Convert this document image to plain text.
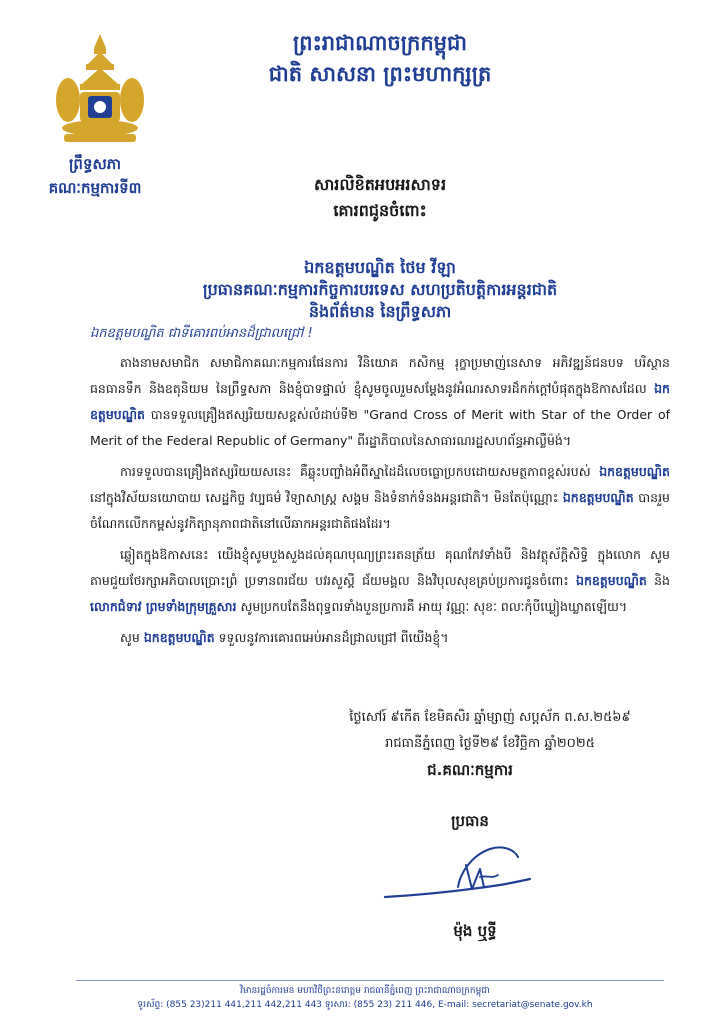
ព្រឹទ្ធសភា
គណៈកម្មការទី៣
ព្រះរាជាណាចក្រកម្ពុជា
ជាតិ សាសនា ព្រះមហាក្សត្រ
សារលិខិតអបអរសាទរ
គោរពជូនចំពោះ
ឯកឧត្តមបណ្ឌិត ថៃម វីឡា
ប្រធានគណៈកម្មការកិច្ចការបរទេស សហប្រតិបត្តិការអន្តរជាតិ
និងព័ត៌មាន នៃព្រឹទ្ធសភា
ឯកឧត្តមបណ្ឌិត ជាទីគោរពប់អានដ៏ជ្រាលជ្រៅ !

តាងនាមសមាជិក សមាជិកាគណៈកម្មការផែនការ វិនិយោគ កសិកម្ម រុក្ខាប្រមាញ់នេសាទ អភិវឌ្ឍន៍ជនបទ បរិស្ថាន ធនធានទឹក និងឧតុនិយម នៃព្រឹទ្ធសភា និងខ្ញុំបាទផ្ទាល់ ខ្ញុំសូមចូលរួមសម្តែងនូវអំណរសាទរដ៏កក់ក្តៅបំផុតក្នុងឱកាសដែល ឯកឧត្តមបណ្ឌិត បានទទួលគ្រឿងឥស្សរិយយសខ្ពស់លំដាប់ទី២ "Grand Cross of Merit with Star of the Order of Merit of the Federal Republic of Germany" ពីរដ្ឋាភិបាលនៃសាធារណរដ្ឋសហព័ន្ធអាល្លឺម៉ង់។

ការទទួលបានគ្រឿងឥស្សរិយយសនេះ គឺឆ្លុះបញ្ចាំងអំពីស្នាដៃដ៏លេចធ្លោប្រកបដោយសមត្ថភាពខ្ពស់របស់ ឯកឧត្តមបណ្ឌិត នៅក្នុងវិស័យនយោបាយ សេដ្ឋកិច្ច វប្បធម៌ វិទ្យាសាស្ត្រ សង្គម និងទំនាក់ទំនងអន្តរជាតិ។ មិនតែប៉ុណ្ណោះ ឯកឧត្តមបណ្ឌិត បានរួមចំណែកលើកកម្ពស់នូវកិត្យានុភាពជាតិនៅលើឆាកអន្តរជាតិផងដែរ។

ឆ្លៀតក្នុងឱកាសនេះ យើងខ្ញុំសូមបួងសួងដល់គុណបុណ្យព្រះរតនត្រ័យ គុណកែវទាំងបី និងវត្ថុស័ក្តិសិទ្ធិ ក្នុងលោក សូមតាមជួយថែរក្សាអភិបាលប្រោះព្រំ ប្រទានពរជ័យ បវរសួស្តី ជ័យមង្គល និងវិបុលសុខគ្រប់ប្រការជូនចំពោះ ឯកឧត្តមបណ្ឌិត និង លោកជំទាវ ព្រមទាំងក្រុមគ្រួសារ សូមប្រកបតែនឹងពុទ្ធពរទាំងបួនប្រការគឺ អាយុ វណ្ណៈ សុខៈ ពលៈកុំបីឃ្លៀងឃ្លាតឡើយ។

សូម ឯកឧត្តមបណ្ឌិត ទទួលនូវការគោរពអេប់អានដ៏ជ្រាលជ្រៅ ពីយើងខ្ញុំ។

ថ្ងៃសៅរ៍ ៩កើត ខែមិគសិរ ឆ្នាំម្សាញ់ សប្តស័ក ព.ស.២៥៦៩
រាជធានីភ្នំពេញ ថ្ងៃទី២៩ ខែវិច្ឆិកា ឆ្នាំ២០២៥
ជ.គណៈកម្មការ
ប្រធាន
ម៉ុង ឬទ្ធី
វិមានរដ្ឋចំការមន មហាវិថីព្រះនរោត្តម រាជធានីភ្នំពេញ ព្រះរាជាណាចក្រកម្ពុជា
ទូរស័ព្ទ: (855 23)211 441,211 442,211 443 ទូរសារ: (855 23) 211 446, E-mail: secretariat@senate.gov.kh
